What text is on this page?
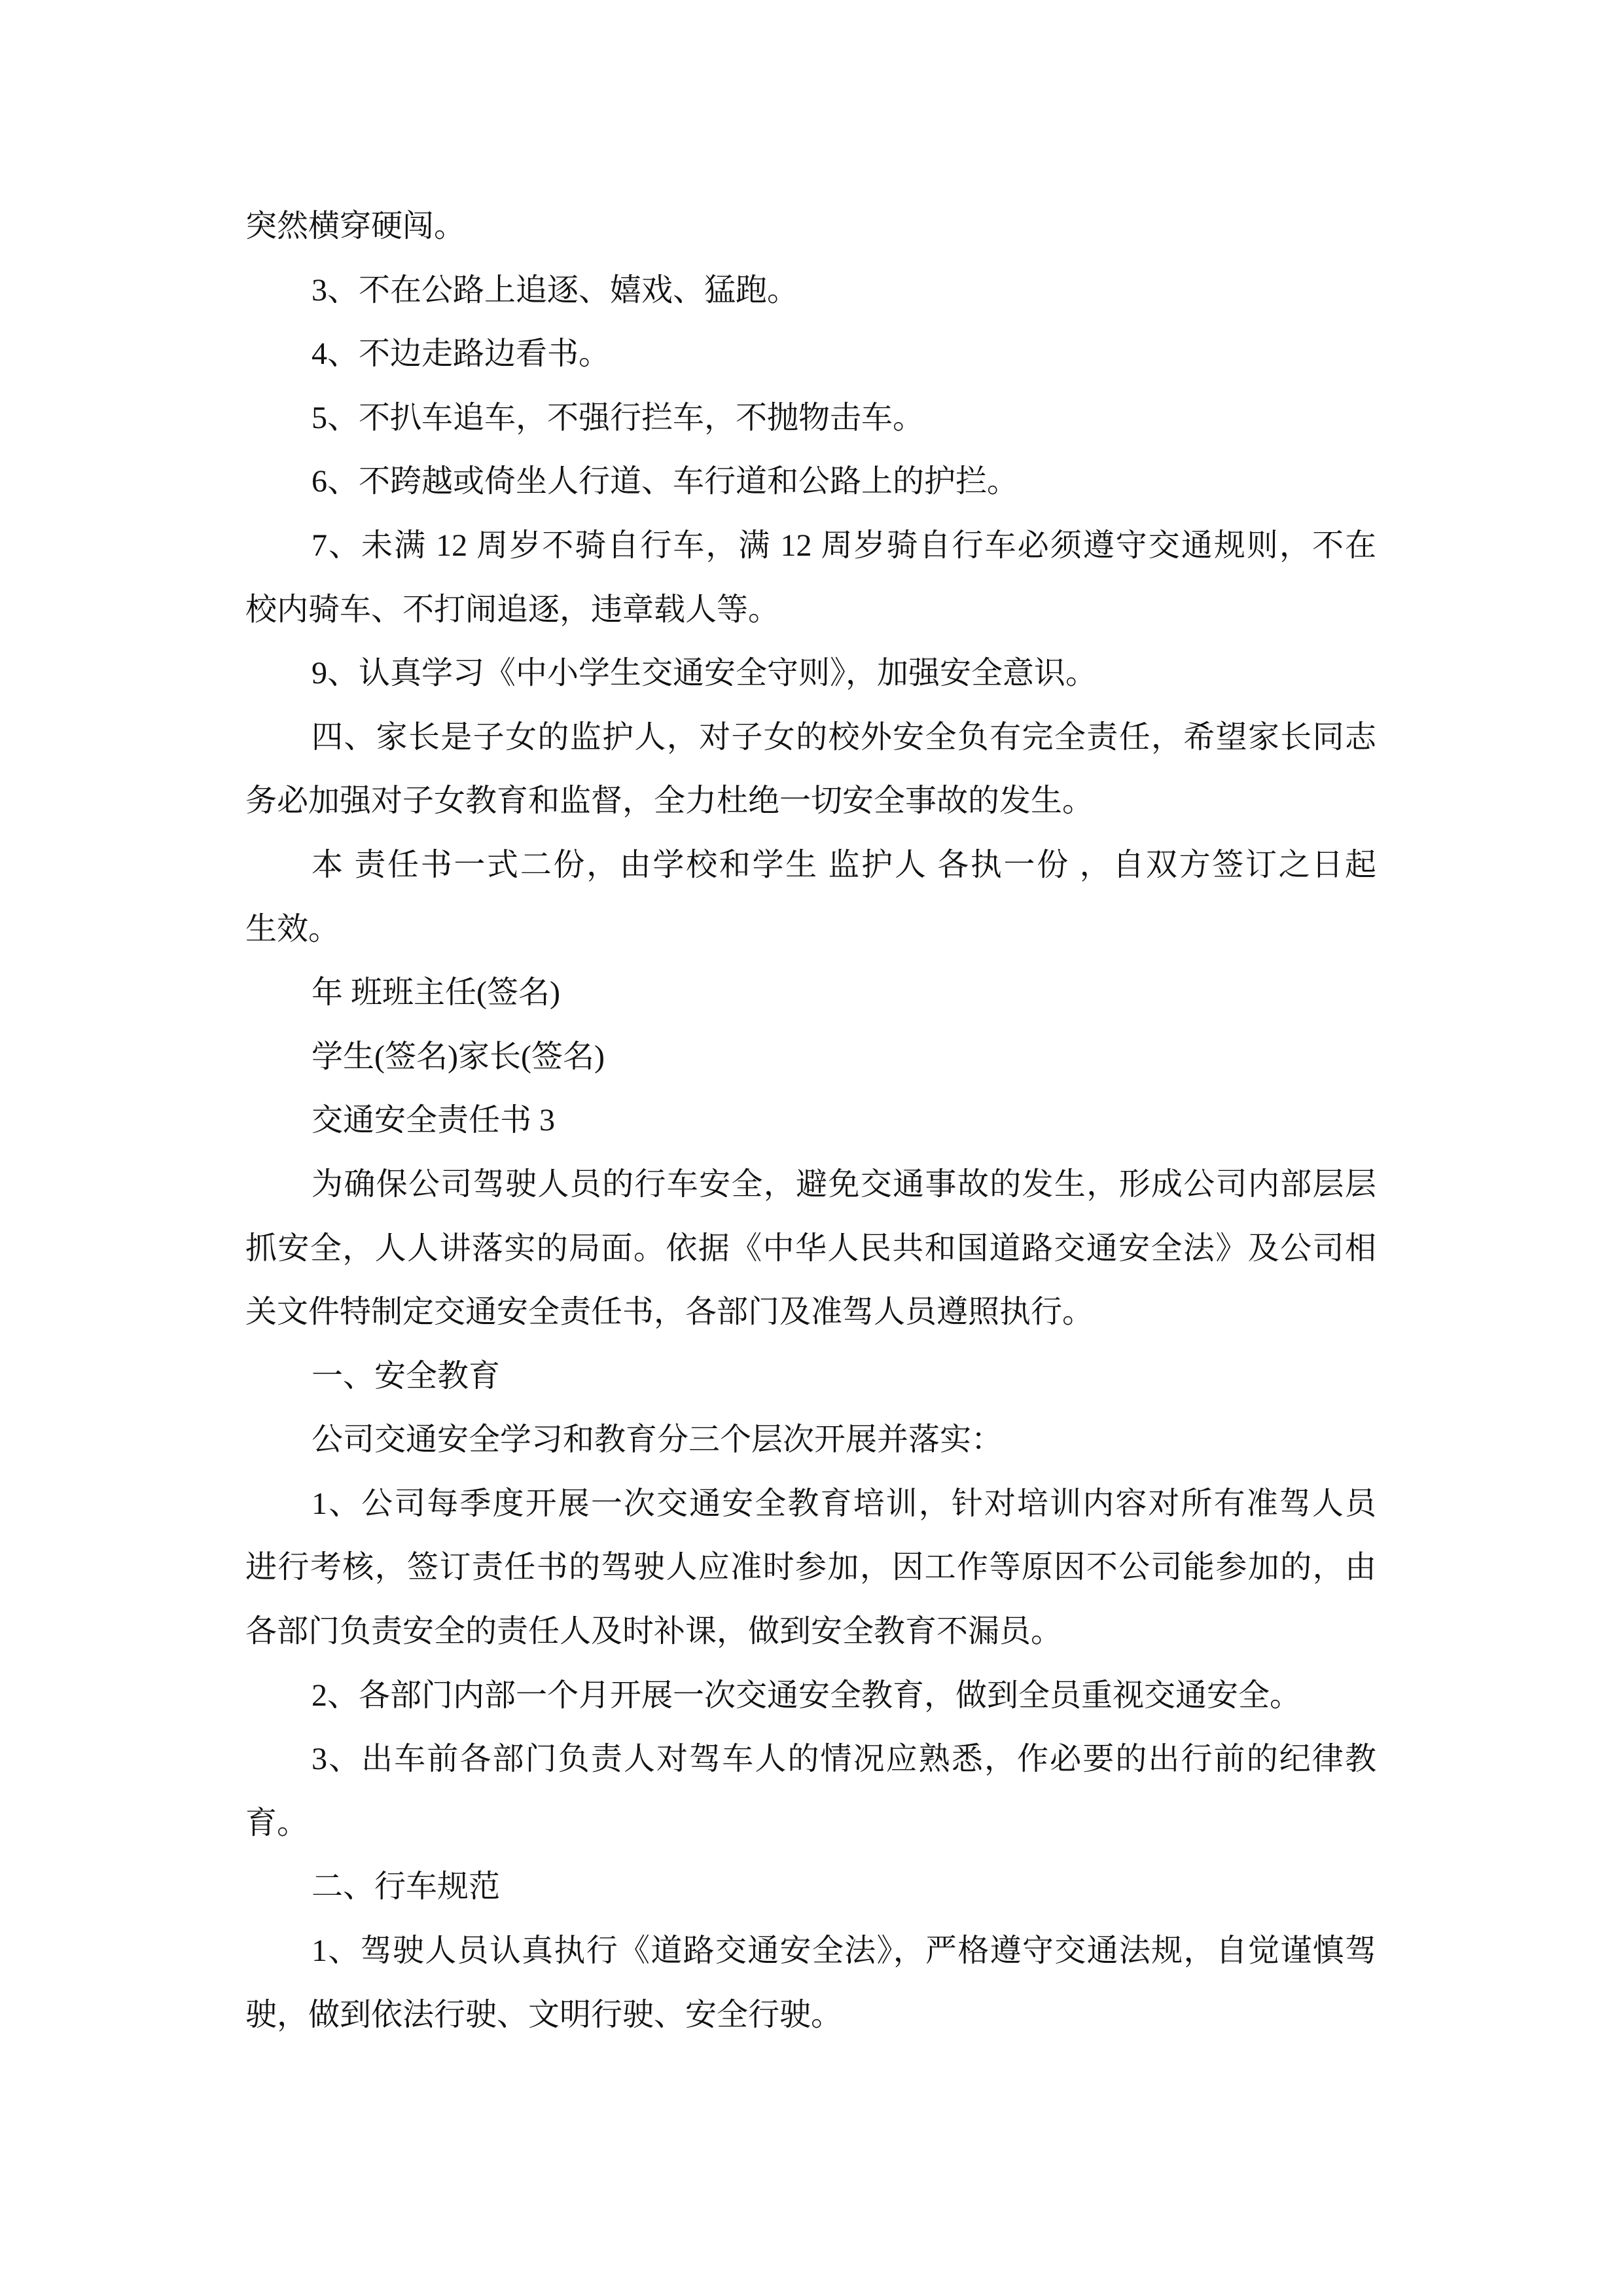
突然横穿硬闯。
3、不在公路上追逐、嬉戏、猛跑。
4、不边走路边看书。
5、不扒车追车，不强行拦车，不抛物击车。
6、不跨越或倚坐人行道、车行道和公路上的护拦。
7、未满 12 周岁不骑自行车，满 12 周岁骑自行车必须遵守交通规则，不在
校内骑车、不打闹追逐，违章载人等。
9、认真学习《中小学生交通安全守则》，加强安全意识。
四、家长是子女的监护人，对子女的校外安全负有完全责任，希望家长同志
务必加强对子女教育和监督，全力杜绝一切安全事故的发生。
本 责任书一式二份，由学校和学生 监护人 各执一份 ，自双方签订之日起
生效。
年 班班主任(签名)
学生(签名)家长(签名)
交通安全责任书 3
为确保公司驾驶人员的行车安全，避免交通事故的发生，形成公司内部层层
抓安全，人人讲落实的局面。依据《中华人民共和国道路交通安全法》及公司相
关文件特制定交通安全责任书，各部门及准驾人员遵照执行。
一、安全教育
公司交通安全学习和教育分三个层次开展并落实：
1、公司每季度开展一次交通安全教育培训，针对培训内容对所有准驾人员
进行考核，签订责任书的驾驶人应准时参加，因工作等原因不公司能参加的，由
各部门负责安全的责任人及时补课，做到安全教育不漏员。
2、各部门内部一个月开展一次交通安全教育，做到全员重视交通安全。
3、出车前各部门负责人对驾车人的情况应熟悉，作必要的出行前的纪律教
育。
二、行车规范
1、驾驶人员认真执行《道路交通安全法》，严格遵守交通法规，自觉谨慎驾
驶，做到依法行驶、文明行驶、安全行驶。
